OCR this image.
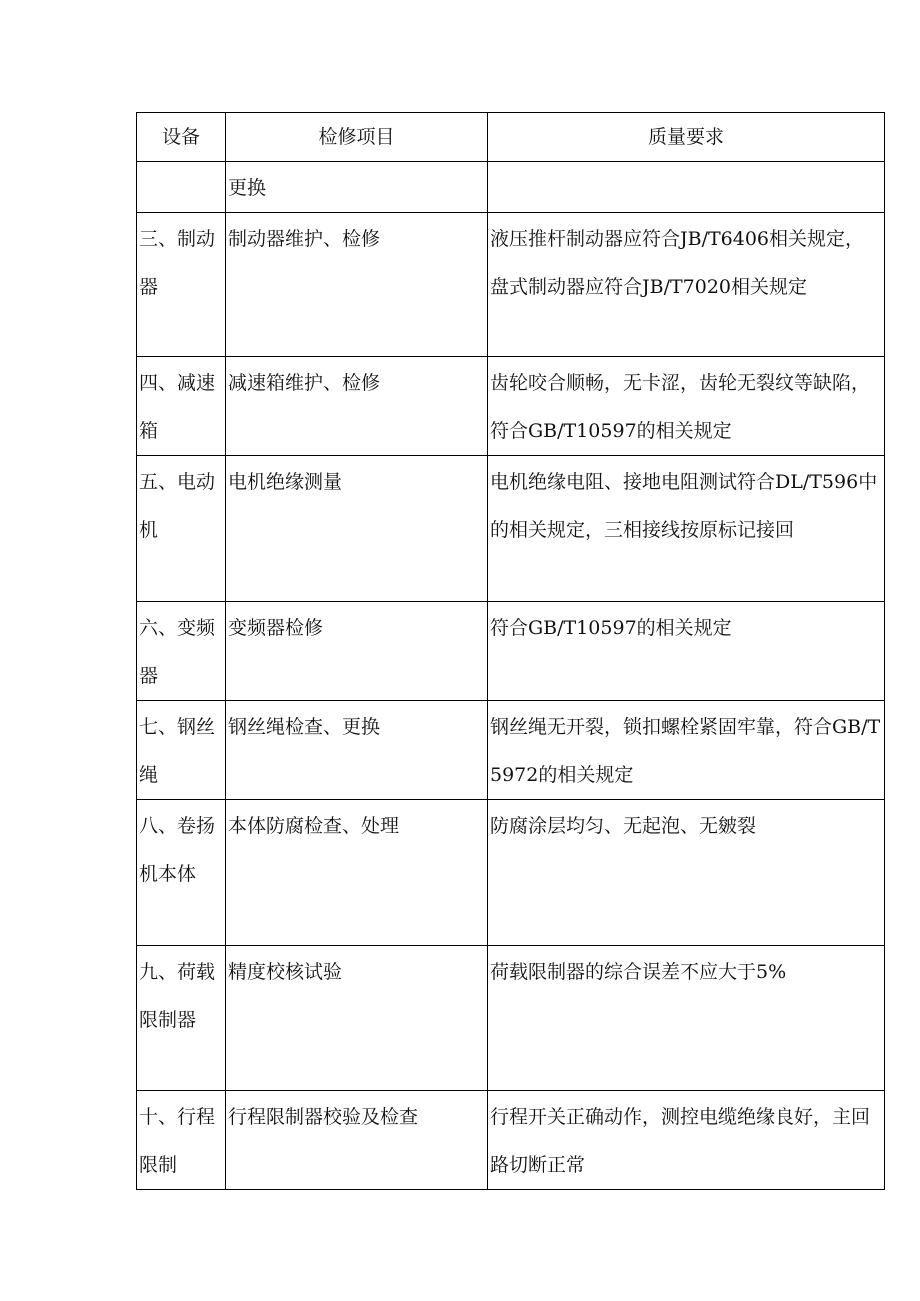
设备	检修项目	质量要求
	更换	
三、制动器	制动器维护、检修	液压推杆制动器应符合JB/T6406相关规定，盘式制动器应符合JB/T7020相关规定
四、减速箱	减速箱维护、检修	齿轮咬合顺畅，无卡涩，齿轮无裂纹等缺陷，符合GB/T10597的相关规定
五、电动机	电机绝缘测量	电机绝缘电阻、接地电阻测试符合DL/T596中的相关规定，三相接线按原标记接回
六、变频器	变频器检修	符合GB/T10597的相关规定
七、钢丝绳	钢丝绳检查、更换	钢丝绳无开裂，锁扣螺栓紧固牢靠，符合GB/T5972的相关规定
八、卷扬机本体	本体防腐检查、处理	防腐涂层均匀、无起泡、无皴裂
九、荷载限制器	精度校核试验	荷载限制器的综合误差不应大于5%
十、行程限制	行程限制器校验及检查	行程开关正确动作，测控电缆绝缘良好，主回路切断正常
